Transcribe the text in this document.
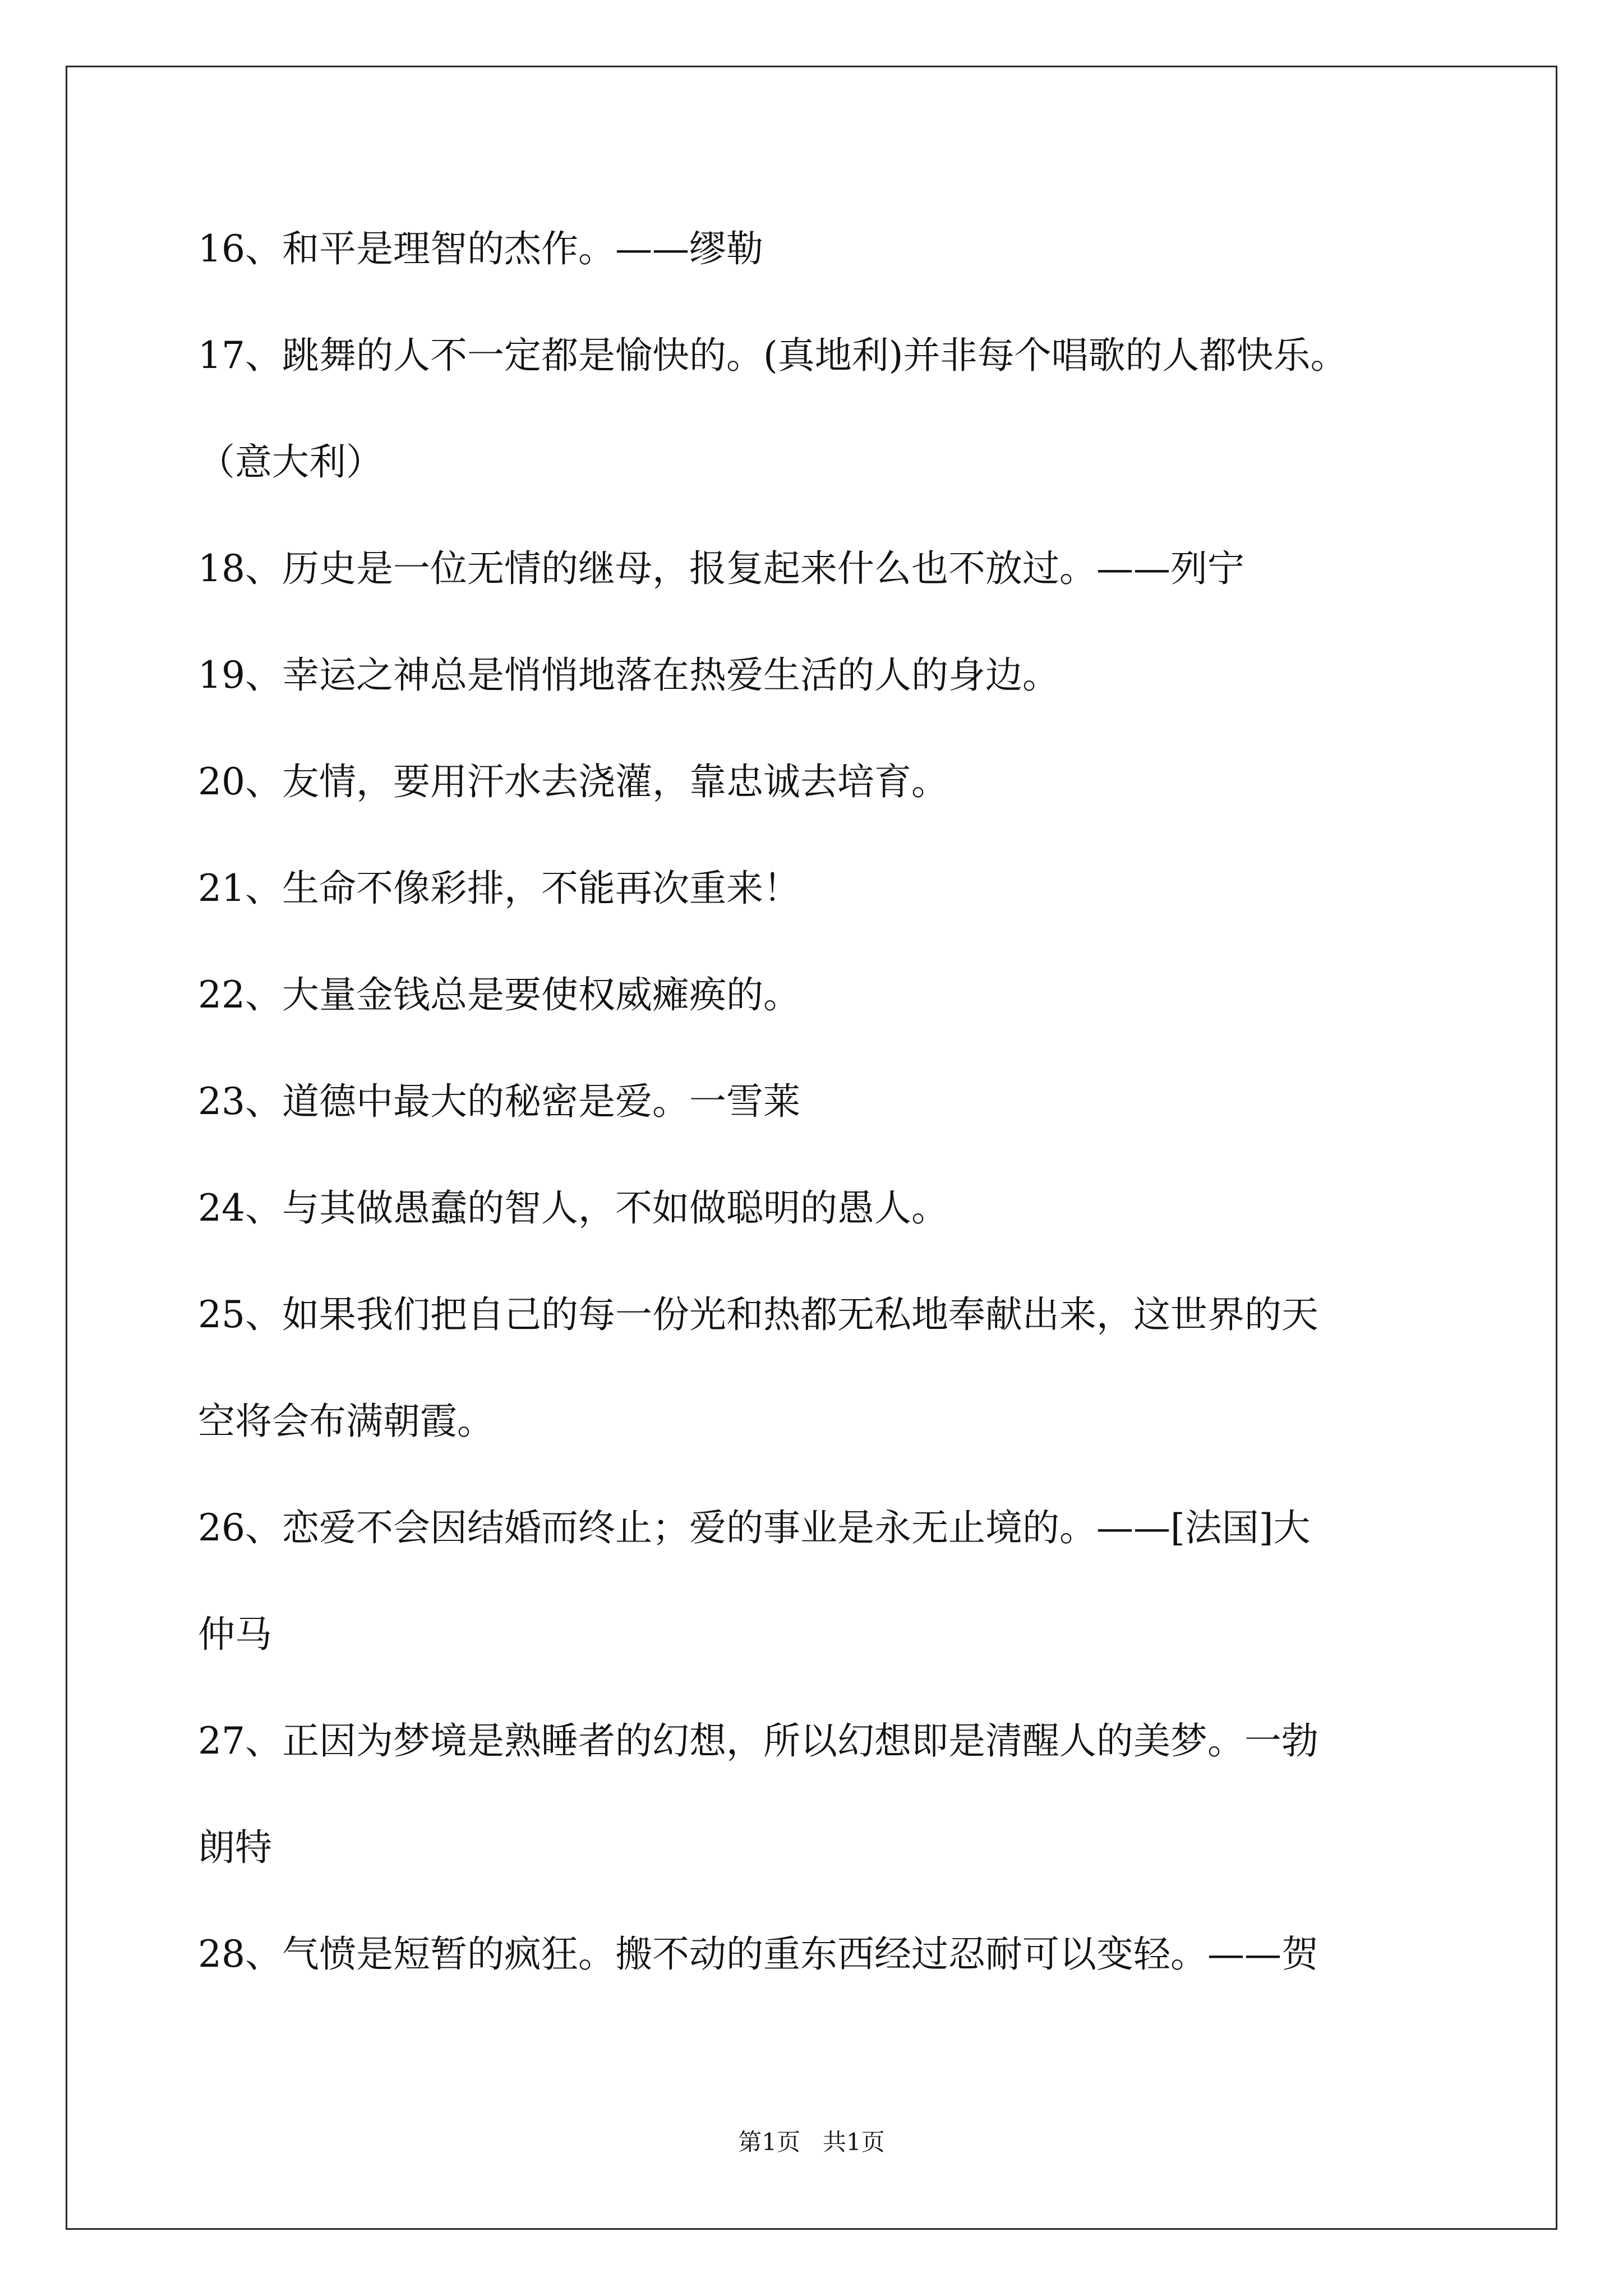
16、和平是理智的杰作。——缪勒
17、跳舞的人不一定都是愉快的。(真地利)并非每个唱歌的人都快乐。
（意大利）
18、历史是一位无情的继母，报复起来什么也不放过。——列宁
19、幸运之神总是悄悄地落在热爱生活的人的身边。
20、友情，要用汗水去浇灌，靠忠诚去培育。
21、生命不像彩排，不能再次重来！
22、大量金钱总是要使权威瘫痪的。
23、道德中最大的秘密是爱。一雪莱
24、与其做愚蠢的智人，不如做聪明的愚人。
25、如果我们把自己的每一份光和热都无私地奉献出来，这世界的天
空将会布满朝霞。
26、恋爱不会因结婚而终止；爱的事业是永无止境的。——[法国]大
仲马
27、正因为梦境是熟睡者的幻想，所以幻想即是清醒人的美梦。一勃
朗特
28、气愤是短暂的疯狂。搬不动的重东西经过忍耐可以变轻。——贺
第1页   共1页
